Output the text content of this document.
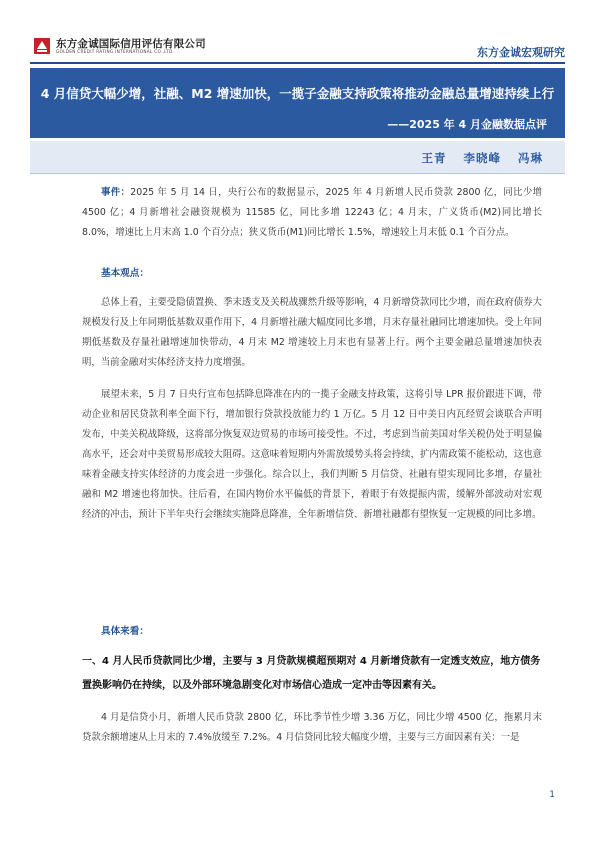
东方金诚国际信用评估有限公司
GOLDEN CREDIT RATING INTERNATIONAL CO.,LTD.	东方金诚宏观研究
4 月信贷大幅少增，社融、M2 增速加快，一揽子金融支持政策将推动金融总量增速持续上行
——2025 年 4 月金融数据点评
王青 李晓峰 冯琳

事件：2025 年 5 月 14 日，央行公布的数据显示，2025 年 4 月新增人民币贷款 2800 亿，同比少增 4500 亿；4 月新增社会融资规模为 11585 亿，同比多增 12243 亿；4 月末，广义货币(M2)同比增长 8.0%，增速比上月末高 1.0 个百分点；狭义货币(M1)同比增长 1.5%，增速较上月末低 0.1 个百分点。

基本观点：

总体上看，主要受隐债置换、季末透支及关税战骤然升级等影响，4 月新增贷款同比少增，而在政府债券大规模发行及上年同期低基数双重作用下，4 月新增社融大幅度同比多增，月末存量社融同比增速加快。受上年同期低基数及存量社融增速加快带动，4 月末 M2 增速较上月末也有显著上行。两个主要金融总量增速加快表明，当前金融对实体经济支持力度增强。

展望未来，5 月 7 日央行宣布包括降息降准在内的一揽子金融支持政策，这将引导 LPR 报价跟进下调，带动企业和居民贷款利率全面下行，增加银行贷款投放能力约 1 万亿。5 月 12 日中美日内瓦经贸会谈联合声明发布，中美关税战降级，这将部分恢复双边贸易的市场可接受性。不过，考虑到当前美国对华关税仍处于明显偏高水平，还会对中美贸易形成较大阻碍。这意味着短期内外需放缓势头将会持续，扩内需政策不能松动，这也意味着金融支持实体经济的力度会进一步强化。综合以上，我们判断 5 月信贷、社融有望实现同比多增，存量社融和 M2 增速也将加快。往后看，在国内物价水平偏低的背景下，着眼于有效提振内需，缓解外部波动对宏观经济的冲击，预计下半年央行会继续实施降息降准，全年新增信贷、新增社融都有望恢复一定规模的同比多增。

具体来看：

一、4 月人民币贷款同比少增，主要与 3 月贷款规模超预期对 4 月新增贷款有一定透支效应，地方债务置换影响仍在持续，以及外部环境急剧变化对市场信心造成一定冲击等因素有关。

4 月是信贷小月，新增人民币贷款 2800 亿，环比季节性少增 3.36 万亿，同比少增 4500 亿，拖累月末贷款余额增速从上月末的 7.4%放缓至 7.2%。4 月信贷同比较大幅度少增，主要与三方面因素有关：一是

1
